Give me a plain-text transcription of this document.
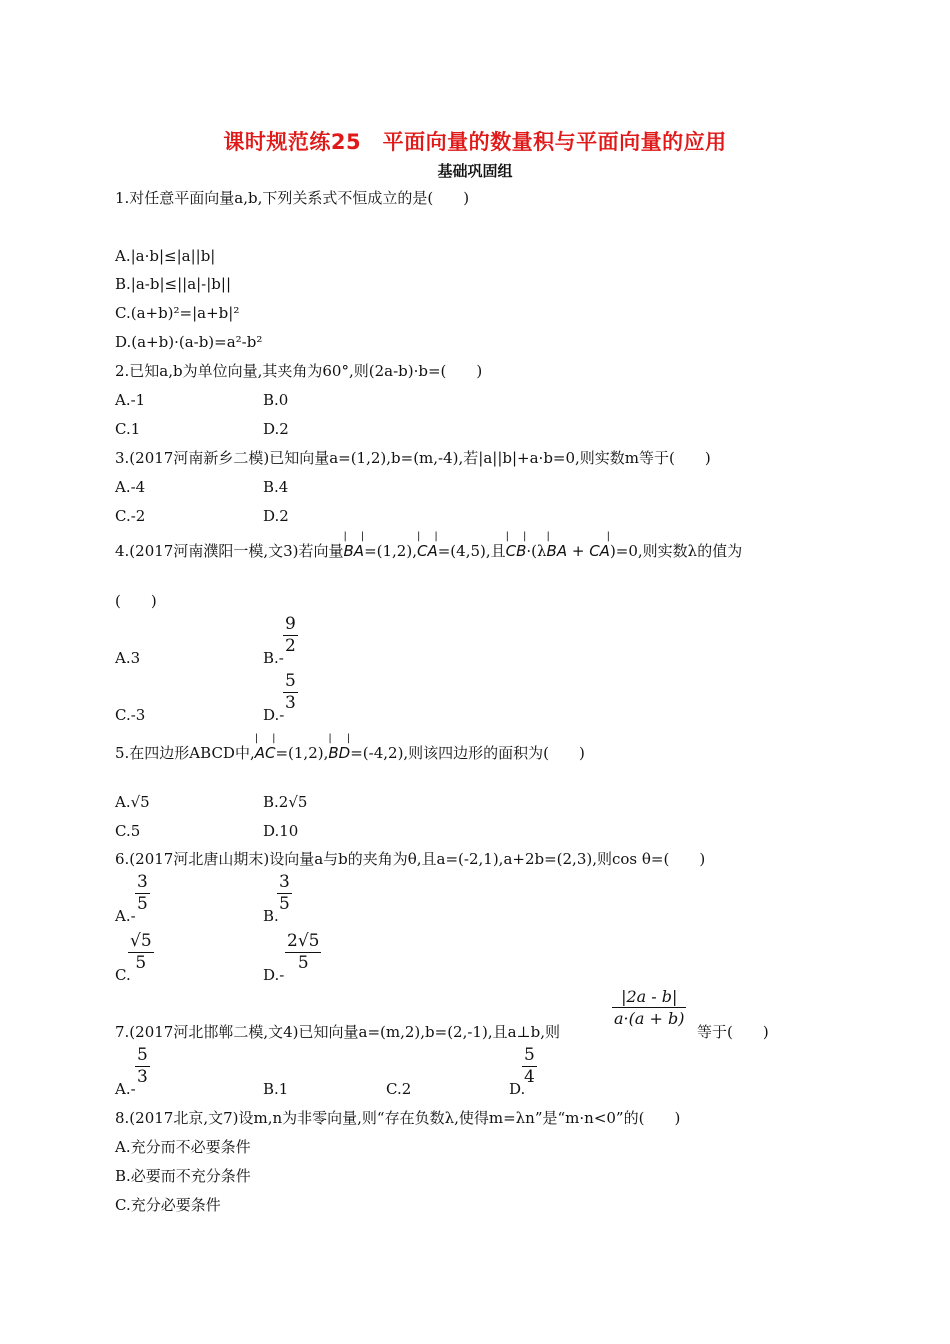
课时规范练25　平面向量的数量积与平面向量的应用
基础巩固组
1.对任意平面向量a,b,下列关系式不恒成立的是(　　)
A.|a·b|≤|a||b|
B.|a-b|≤||a|-|b||
C.(a+b)²=|a+b|²
D.(a+b)·(a-b)=a²-b²
2.已知a,b为单位向量,其夹角为60°,则(2a-b)·b=(　　)
A.-1	B.0
C.1	D.2
3.(2017河南新乡二模)已知向量a=(1,2),b=(m,-4),若|a||b|+a·b=0,则实数m等于(　　)
A.-4	B.4
C.-2	D.2
4.(2017河南濮阳一模,文3)若向量| BA |=(1,2),| CA |=(4,5),且| CB |·(λ| BA + CA |)=0,则实数λ的值为
(　　)
A.3	B.-
$\frac{9}{2}$
C.-3	D.-
$\frac{5}{3}$
5.在四边形ABCD中,| AC |=(1,2),| BD |=(-4,2),则该四边形的面积为(　　)
A.√5	B.2√5
C.5	D.10
6.(2017河北唐山期末)设向量a与b的夹角为θ,且a=(-2,1),a+2b=(2,3),则cos θ=(　　)
A.-
$\frac{3}{5}$
B.
$\frac{3}{5}$
C.
$\frac{√5}{5}$
D.-
$\frac{2√5}{5}$
7.(2017河北邯郸二模,文4)已知向量a=(m,2),b=(2,-1),且a⊥b,则
$\frac{|2a - b|}{a\cdot(a + b)}$
等于(　　)
A.-
$\frac{5}{3}$
B.1	C.2	D.
$\frac{5}{4}$
8.(2017北京,文7)设m,n为非零向量,则“存在负数λ,使得m=λn”是“m·n<0”的(　　)
A.充分而不必要条件
B.必要而不充分条件
C.充分必要条件
